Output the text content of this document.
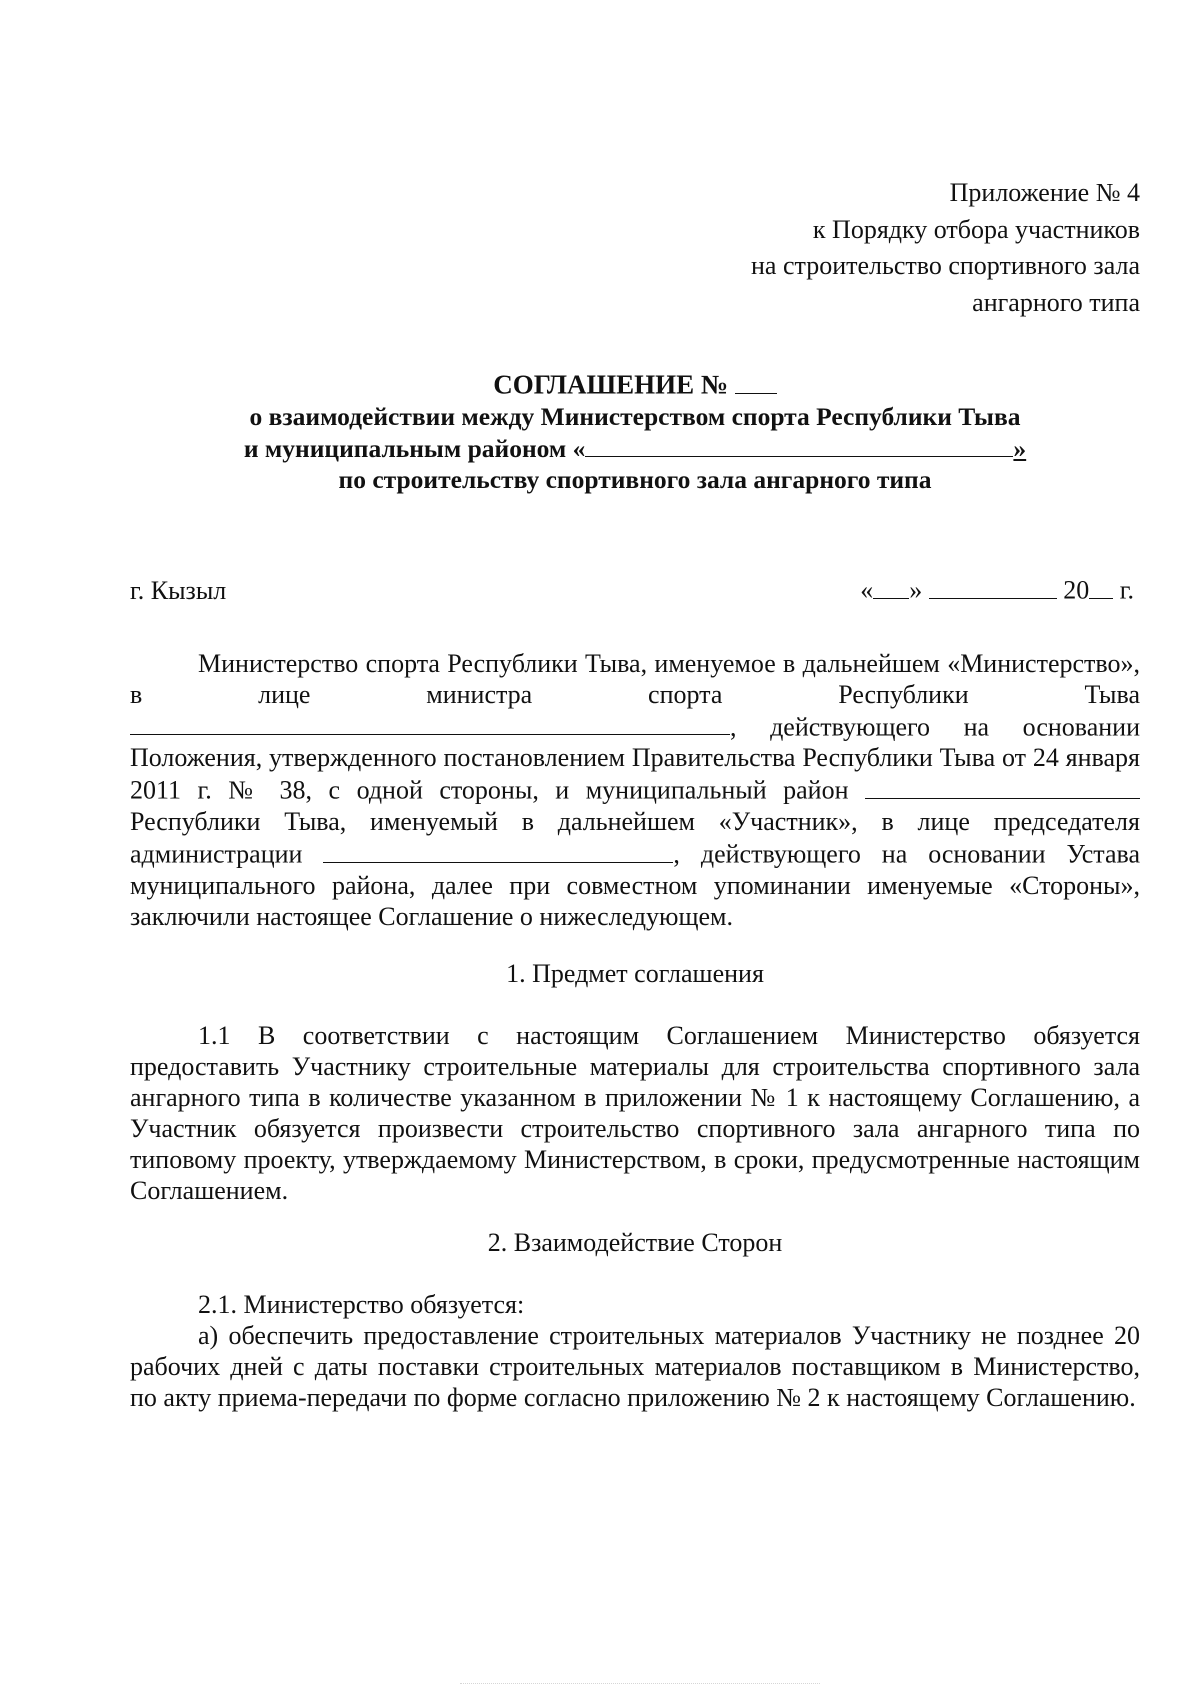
Приложение № 4
к Порядку отбора участников
на строительство спортивного зала
ангарного типа
СОГЛАШЕНИЕ №
о взаимодействии между Министерством спорта Республики Тыва
и муниципальным районом «	»
по строительству спортивного зала ангарного типа
г. Кызыл	« »	20 г.

Министерство спорта Республики Тыва, именуемое в дальнейшем «Министерство», в лице министра спорта Республики Тыва , действующего на основании Положения, утвержденного постановлением Правительства Республики Тыва от 24 января 2011 г. № 38, с одной стороны, и муниципальный район  Республики Тыва, именуемый в дальнейшем «Участник», в лице председателя администрации	, действующего на основании Устава муниципального района, далее при совместном упоминании именуемые «Стороны», заключили настоящее Соглашение о нижеследующем.

1. Предмет соглашения

1.1 В соответствии с настоящим Соглашением Министерство обязуется предоставить Участнику строительные материалы для строительства спортивного зала ангарного типа в количестве указанном в приложении № 1 к настоящему Соглашению, а Участник обязуется произвести строительство спортивного зала ангарного типа по типовому проекту, утверждаемому Министерством, в сроки, предусмотренные настоящим Соглашением.

2. Взаимодействие Сторон

2.1. Министерство обязуется:

а) обеспечить предоставление строительных материалов Участнику не позднее 20 рабочих дней с даты поставки строительных материалов поставщиком в Министерство, по акту приема-передачи по форме согласно приложению № 2 к настоящему Соглашению.
